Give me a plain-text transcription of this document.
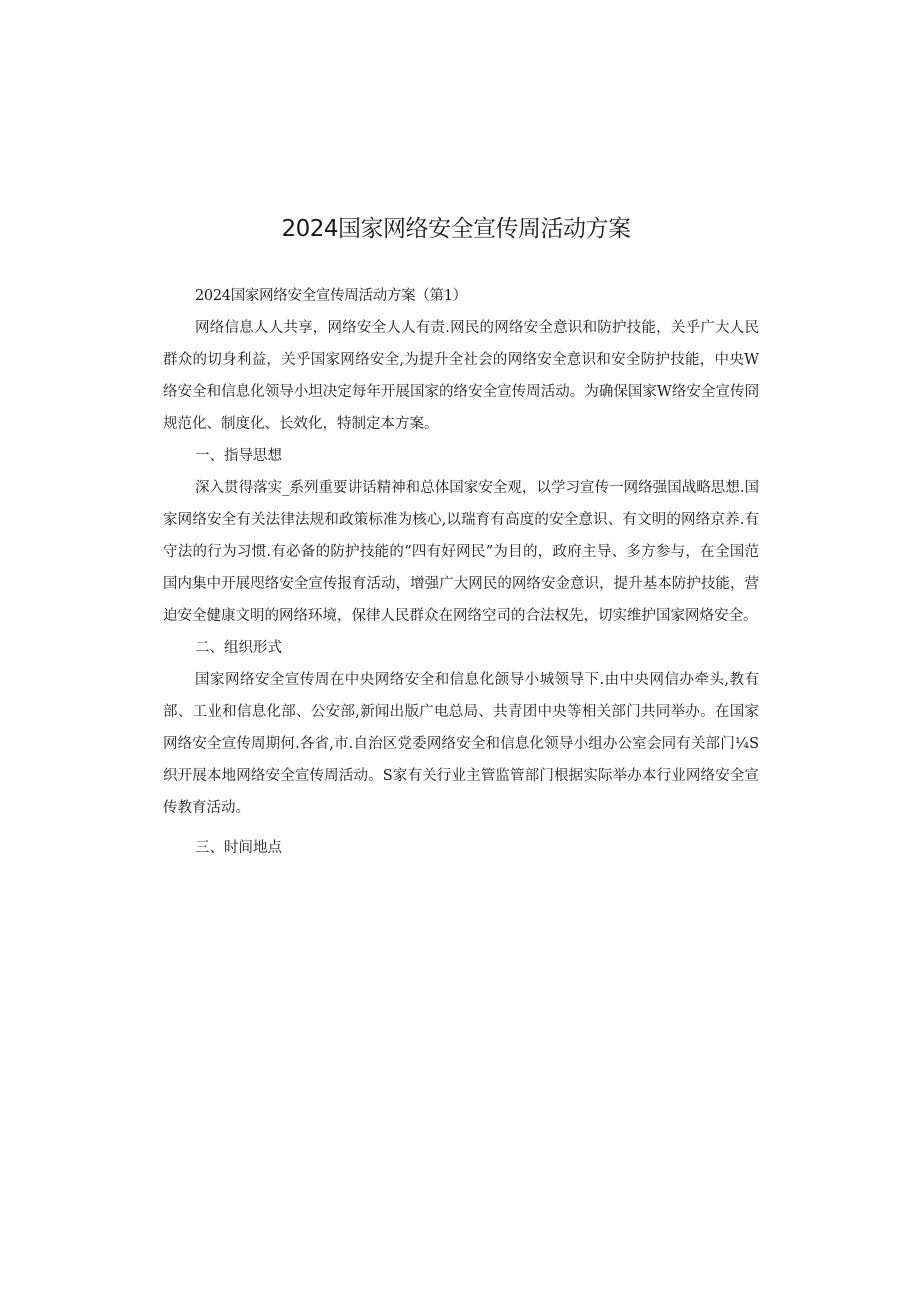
2024国家网络安全宣传周活动方案

2024国家网络安全宣传周活动方案（第1）

网络信息人人共享，网络安全人人有责.网民的网络安全意识和防护技能，关乎广大人民群众的切身利益，关乎国家网络安全,为提升全社会的网络安全意识和安全防护技能，中央W络安全和信息化领导小坦决定每年开展国家的络安全宣传周活动。为确保国家W络安全宣传冏规范化、制度化、长效化，特制定本方案。

一、指导思想

深入贯得落实_系列重要讲话精神和总体国家安全观，以学习宣传一网络强国战略思想.国家网络安全有关法律法规和政策标准为核心,以瑞育有高度的安全意识、有文明的网络京养.有守法的行为习惯.有必备的防护技能的“四有好网民”为目的，政府主导、多方参与，在全国范国内集中开展咫络安全宣传报育活动，增强广大网民的网络安金意识，提升基本防护技能，营迫安全健康文明的网络环境，保律人民群众在网络空司的合法权先，切实维护国家网烙安全。

二、组织形式

国家网络安全宣传周在中央网络安全和信息化颌导小城领导下.由中央网信办牵头,教有部、工业和信息化部、公安部,新闻出版广电总局、共青团中央等相关部门共同举办。在国家网络安全宣传周期何.各省,市.自治区党委网络安全和信息化领导小组办公室会同有关部门¼S织开展本地网络安全宣传周活动。S家有关行业主管监管部门根据实际举办本行业网络安全宣传教育活动。

三、时间地点
